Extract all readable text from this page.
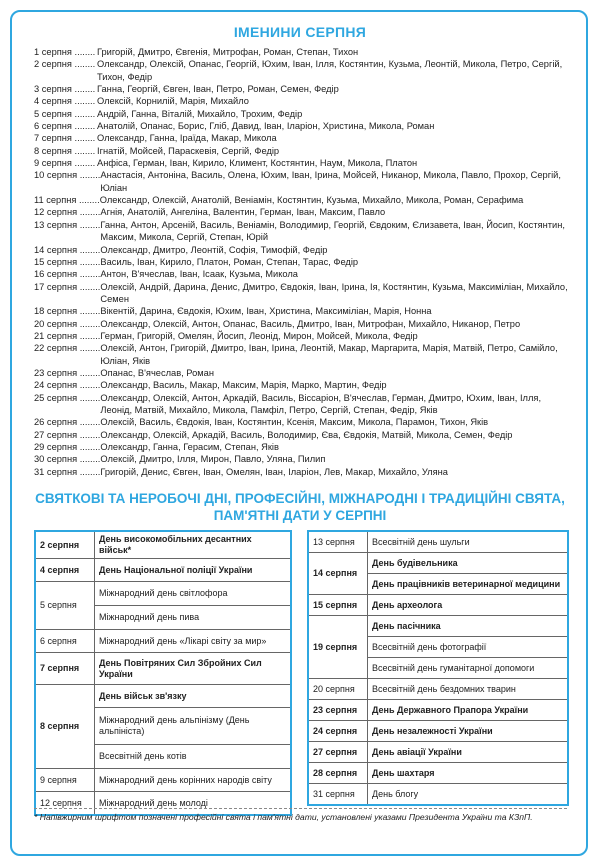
ІМЕНИНИ СЕРПНЯ
1 серпня ........ Григорій, Дмитро, Євгенія, Митрофан, Роман, Степан, Тихон
2 серпня ........ Олександр, Олексій, Опанас, Георгій, Юхим, Іван, Ілля, Костянтин, Кузьма, Леонтій, Микола, Петро, Сергій, Тихон, Федір
3 серпня ........ Ганна, Георгій, Євген, Іван, Петро, Роман, Семен, Федір
4 серпня ........ Олексій, Корнилій, Марія, Михайло
5 серпня ........ Андрій, Ганна, Віталій, Михайло, Трохим, Федір
6 серпня ........ Анатолій, Опанас, Борис, Гліб, Давид, Іван, Іларіон, Христина, Микола, Роман
7 серпня ........ Олександр, Ганна, Іраїда, Макар, Микола
8 серпня ........ Ігнатій, Мойсей, Параскевія, Сергій, Федір
9 серпня ........ Анфіса, Герман, Іван, Кирило, Климент, Костянтин, Наум, Микола, Платон
10 серпня ........ Анастасія, Антоніна, Василь, Олена, Юхим, Іван, Ірина, Мойсей, Никанор, Микола, Павло, Прохор, Сергій, Юліан
11 серпня ........ Олександр, Олексій, Анатолій, Веніамін, Костянтин, Кузьма, Михайло, Микола, Роман, Серафима
12 серпня ........ Агнія, Анатолій, Ангеліна, Валентин, Герман, Іван, Максим, Павло
13 серпня ........ Ганна, Антон, Арсеній, Василь, Веніамін, Володимир, Георгій, Євдоким, Єлизавета, Іван, Йосип, Костянтин, Максим, Микола, Сергій, Степан, Юрій
14 серпня ........ Олександр, Дмитро, Леонтій, Софія, Тимофій, Федір
15 серпня ........ Василь, Іван, Кирило, Платон, Роман, Степан, Тарас, Федір
16 серпня ........ Антон, В'ячеслав, Іван, Ісаак, Кузьма, Микола
17 серпня ........ Олексій, Андрій, Дарина, Денис, Дмитро, Євдокія, Іван, Ірина, Ія, Костянтин, Кузьма, Максиміліан, Михайло, Семен
18 серпня ........ Вікентій, Дарина, Євдокія, Юхим, Іван, Христина, Максиміліан, Марія, Нонна
20 серпня ........ Олександр, Олексій, Антон, Опанас, Василь, Дмитро, Іван, Митрофан, Михайло, Никанор, Петро
21 серпня ........ Герман, Григорій, Омелян, Йосип, Леонід, Мирон, Мойсей, Микола, Федір
22 серпня ........ Олексій, Антон, Григорій, Дмитро, Іван, Ірина, Леонтій, Макар, Маргарита, Марія, Матвій, Петро, Самійло, Юліан, Яків
23 серпня ........ Опанас, В'ячеслав, Роман
24 серпня ........ Олександр, Василь, Макар, Максим, Марія, Марко, Мартин, Федір
25 серпня ........ Олександр, Олексій, Антон, Аркадій, Василь, Віссаріон, В'ячеслав, Герман, Дмитро, Юхим, Іван, Ілля, Леонід, Матвій, Михайло, Микола, Памфіл, Петро, Сергій, Степан, Федір, Яків
26 серпня ........ Олексій, Василь, Євдокія, Іван, Костянтин, Ксенія, Максим, Микола, Парамон, Тихон, Яків
27 серпня ........ Олександр, Олексій, Аркадій, Василь, Володимир, Єва, Євдокія, Матвій, Микола, Семен, Федір
29 серпня ........ Олександр, Ганна, Герасим, Степан, Яків
30 серпня ........ Олексій, Дмитро, Ілля, Мирон, Павло, Уляна, Пилип
31 серпня ........ Григорій, Денис, Євген, Іван, Омелян, Іван, Іларіон, Лев, Макар, Михайло, Уляна
СВЯТКОВІ ТА НЕРОБОЧІ ДНІ, ПРОФЕСІЙНІ, МІЖНАРОДНІ І ТРАДИЦІЙНІ СВЯТА, ПАМ'ЯТНІ ДАТИ У СЕРПНІ
2 серпня	День високомобільних десантних військ*
4 серпня	День Національної поліції України
5 серпня	Міжнародний день світлофора
	Міжнародний день пива
6 серпня	Міжнародний день «Лікарі світу за мир»
7 серпня	День Повітряних Сил Збройних Сил України
8 серпня	День військ зв'язку
	Міжнародний день альпінізму (День альпініста)
	Всесвітній день котів
9 серпня	Міжнародний день корінних народів світу
12 серпня	Міжнародний день молоді
13 серпня	Всесвітній день шульги
14 серпня	День будівельника
	День працівників ветеринарної медицини
15 серпня	День археолога
19 серпня	День пасічника
	Всесвітній день фотографії
	Всесвітній день гуманітарної допомоги
20 серпня	Всесвітній день бездомних тварин
23 серпня	День Державного Прапора України
24 серпня	День незалежності України
27 серпня	День авіації України
28 серпня	День шахтаря
31 серпня	День блогу
* Напівжирним шрифтом позначені професійні свята і пам'ятні дати, установлені указами Президента України та КЗпП.
